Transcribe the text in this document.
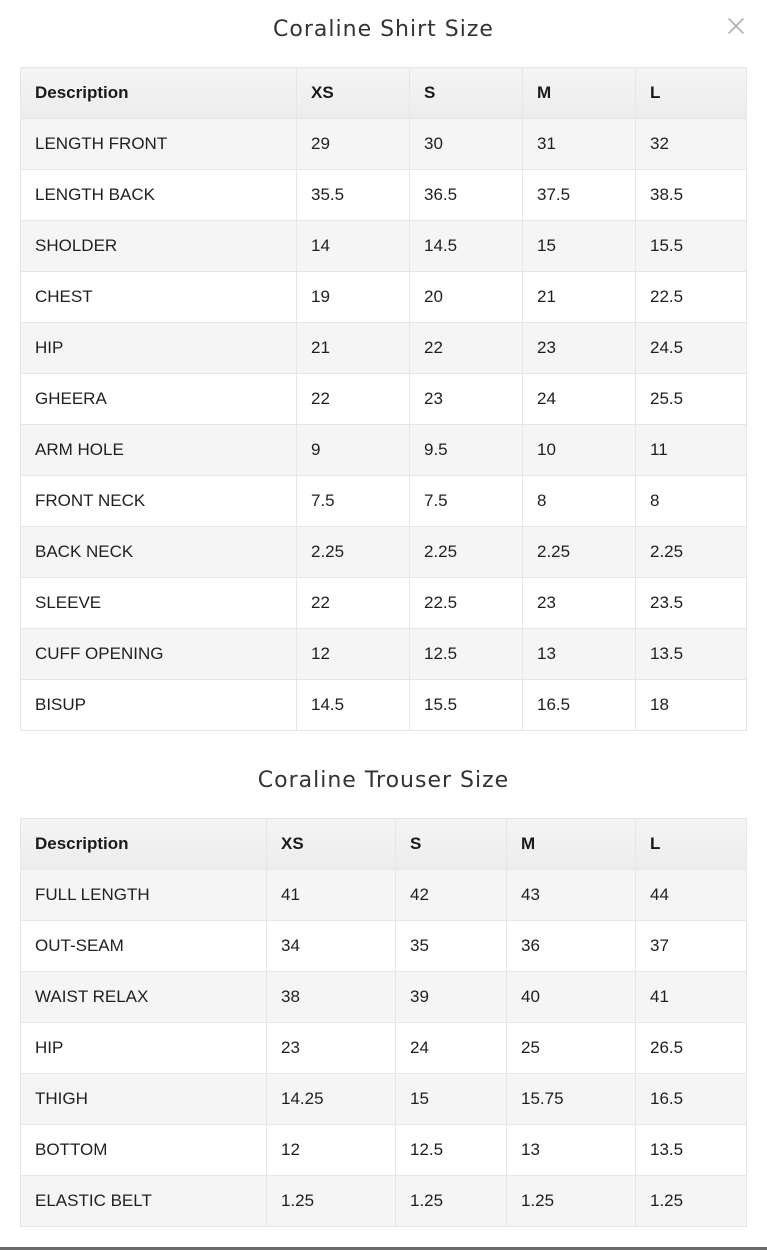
Coraline Shirt Size
Description	XS	S	M	L
LENGTH FRONT	29	30	31	32
LENGTH BACK	35.5	36.5	37.5	38.5
SHOLDER	14	14.5	15	15.5
CHEST	19	20	21	22.5
HIP	21	22	23	24.5
GHEERA	22	23	24	25.5
ARM HOLE	9	9.5	10	11
FRONT NECK	7.5	7.5	8	8
BACK NECK	2.25	2.25	2.25	2.25
SLEEVE	22	22.5	23	23.5
CUFF OPENING	12	12.5	13	13.5
BISUP	14.5	15.5	16.5	18
Coraline Trouser Size
Description	XS	S	M	L
FULL LENGTH	41	42	43	44
OUT-SEAM	34	35	36	37
WAIST RELAX	38	39	40	41
HIP	23	24	25	26.5
THIGH	14.25	15	15.75	16.5
BOTTOM	12	12.5	13	13.5
ELASTIC BELT	1.25	1.25	1.25	1.25
